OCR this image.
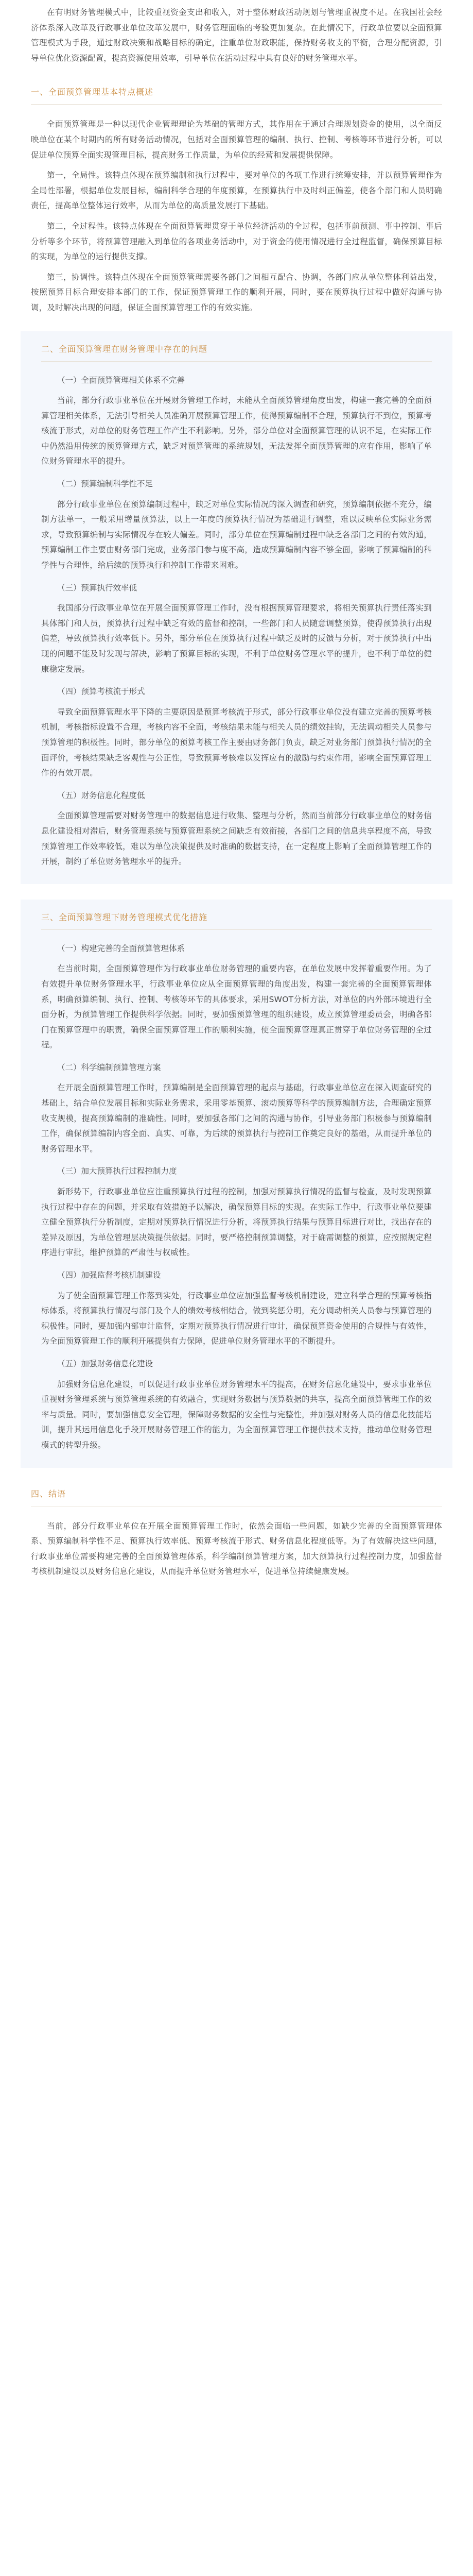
在有明财务管理模式中，比较重视资金支出和收入，对于整体财政活动规划与管理重视度不足。在我国社会经济体系深入改革及行政事业单位改革发展中，财务管理面临的考验更加复杂。在此情况下，行政单位要以全面预算管理模式为手段，通过财政决策和战略目标的确定，注重单位财政职能，保持财务收支的平衡，合理分配资源，引导单位优化资源配置，提高资源使用效率，引导单位在活动过程中具有良好的财务管理水平。

一、全面预算管理基本特点概述

全面预算管理是一种以现代企业管理理论为基础的管理方式，其作用在于通过合理规划资金的使用，以全面反映单位在某个时期内的所有财务活动情况，包括对全面预算管理的编制、执行、控制、考核等环节进行分析，可以促进单位预算全面实现管理目标，提高财务工作质量，为单位的经营和发展提供保障。

第一，全局性。该特点体现在预算编制和执行过程中，要对单位的各项工作进行统筹安排，并以预算管理作为全局性部署，根据单位发展目标，编制科学合理的年度预算，在预算执行中及时纠正偏差，使各个部门和人员明确责任，提高单位整体运行效率，从而为单位的高质量发展打下基础。

第二，全过程性。该特点体现在全面预算管理贯穿于单位经济活动的全过程，包括事前预测、事中控制、事后分析等多个环节，将预算管理融入到单位的各项业务活动中，对于资金的使用情况进行全过程监督，确保预算目标的实现，为单位的运行提供支撑。

第三，协调性。该特点体现在全面预算管理需要各部门之间相互配合、协调，各部门应从单位整体利益出发，按照预算目标合理安排本部门的工作，保证预算管理工作的顺利开展，同时，要在预算执行过程中做好沟通与协调，及时解决出现的问题，保证全面预算管理工作的有效实施。

二、全面预算管理在财务管理中存在的问题
（一）全面预算管理相关体系不完善

当前，部分行政事业单位在开展财务管理工作时，未能从全面预算管理角度出发，构建一套完善的全面预算管理相关体系，无法引导相关人员准确开展预算管理工作，使得预算编制不合理，预算执行不到位，预算考核流于形式，对单位的财务管理工作产生不利影响。另外，部分单位对全面预算管理的认识不足，在实际工作中仍然沿用传统的预算管理方式，缺乏对预算管理的系统规划，无法发挥全面预算管理的应有作用，影响了单位财务管理水平的提升。

（二）预算编制科学性不足

部分行政事业单位在预算编制过程中，缺乏对单位实际情况的深入调查和研究，预算编制依据不充分，编制方法单一，一般采用增量预算法，以上一年度的预算执行情况为基础进行调整，难以反映单位实际业务需求，导致预算编制与实际情况存在较大偏差。同时，部分单位在预算编制过程中缺乏各部门之间的有效沟通，预算编制工作主要由财务部门完成，业务部门参与度不高，造成预算编制内容不够全面，影响了预算编制的科学性与合理性，给后续的预算执行和控制工作带来困难。

（三）预算执行效率低

我国部分行政事业单位在开展全面预算管理工作时，没有根据预算管理要求，将相关预算执行责任落实到具体部门和人员，预算执行过程中缺乏有效的监督和控制，一些部门和人员随意调整预算，使得预算执行出现偏差，导致预算执行效率低下。另外，部分单位在预算执行过程中缺乏及时的反馈与分析，对于预算执行中出现的问题不能及时发现与解决，影响了预算目标的实现，不利于单位财务管理水平的提升，也不利于单位的健康稳定发展。

（四）预算考核流于形式

导致全面预算管理水平下降的主要原因是预算考核流于形式，部分行政事业单位没有建立完善的预算考核机制，考核指标设置不合理，考核内容不全面，考核结果未能与相关人员的绩效挂钩，无法调动相关人员参与预算管理的积极性。同时，部分单位的预算考核工作主要由财务部门负责，缺乏对业务部门预算执行情况的全面评价，考核结果缺乏客观性与公正性，导致预算考核难以发挥应有的激励与约束作用，影响全面预算管理工作的有效开展。

（五）财务信息化程度低

全面预算管理需要对财务管理中的数据信息进行收集、整理与分析，然而当前部分行政事业单位的财务信息化建设相对滞后，财务管理系统与预算管理系统之间缺乏有效衔接，各部门之间的信息共享程度不高，导致预算管理工作效率较低，难以为单位决策提供及时准确的数据支持，在一定程度上影响了全面预算管理工作的开展，制约了单位财务管理水平的提升。

三、全面预算管理下财务管理模式优化措施
（一）构建完善的全面预算管理体系

在当前时期，全面预算管理作为行政事业单位财务管理的重要内容，在单位发展中发挥着重要作用。为了有效提升单位财务管理水平，行政事业单位应从全面预算管理的角度出发，构建一套完善的全面预算管理体系，明确预算编制、执行、控制、考核等环节的具体要求，采用SWOT分析方法，对单位的内外部环境进行全面分析，为预算管理工作提供科学依据。同时，要加强预算管理的组织建设，成立预算管理委员会，明确各部门在预算管理中的职责，确保全面预算管理工作的顺利实施，使全面预算管理真正贯穿于单位财务管理的全过程。

（二）科学编制预算管理方案

在开展全面预算管理工作时，预算编制是全面预算管理的起点与基础，行政事业单位应在深入调查研究的基础上，结合单位发展目标和实际业务需求，采用零基预算、滚动预算等科学的预算编制方法，合理确定预算收支规模，提高预算编制的准确性。同时，要加强各部门之间的沟通与协作，引导业务部门积极参与预算编制工作，确保预算编制内容全面、真实、可靠，为后续的预算执行与控制工作奠定良好的基础，从而提升单位的财务管理水平。

（三）加大预算执行过程控制力度

新形势下，行政事业单位应注重预算执行过程的控制，加强对预算执行情况的监督与检查，及时发现预算执行过程中存在的问题，并采取有效措施予以解决，确保预算目标的实现。在实际工作中，行政事业单位要建立健全预算执行分析制度，定期对预算执行情况进行分析，将预算执行结果与预算目标进行对比，找出存在的差异及原因，为单位管理层决策提供依据。同时，要严格控制预算调整，对于确需调整的预算，应按照规定程序进行审批，维护预算的严肃性与权威性。

（四）加强监督考核机制建设

为了使全面预算管理工作落到实处，行政事业单位应加强监督考核机制建设，建立科学合理的预算考核指标体系，将预算执行情况与部门及个人的绩效考核相结合，做到奖惩分明，充分调动相关人员参与预算管理的积极性。同时，要加强内部审计监督，定期对预算执行情况进行审计，确保预算资金使用的合规性与有效性，为全面预算管理工作的顺利开展提供有力保障，促进单位财务管理水平的不断提升。

（五）加强财务信息化建设

加强财务信息化建设，可以促进行政事业单位财务管理水平的提高，在财务信息化建设中，要求事业单位重视财务管理系统与预算管理系统的有效融合，实现财务数据与预算数据的共享，提高全面预算管理工作的效率与质量。同时，要加强信息安全管理，保障财务数据的安全性与完整性，并加强对财务人员的信息化技能培训，提升其运用信息化手段开展财务管理工作的能力，为全面预算管理工作提供技术支持，推动单位财务管理模式的转型升级。

四、结语

当前，部分行政事业单位在开展全面预算管理工作时，依然会面临一些问题，如缺少完善的全面预算管理体系、预算编制科学性不足、预算执行效率低、预算考核流于形式、财务信息化程度低等。为了有效解决这些问题，行政事业单位需要构建完善的全面预算管理体系，科学编制预算管理方案，加大预算执行过程控制力度，加强监督考核机制建设以及财务信息化建设，从而提升单位财务管理水平，促进单位持续健康发展。
